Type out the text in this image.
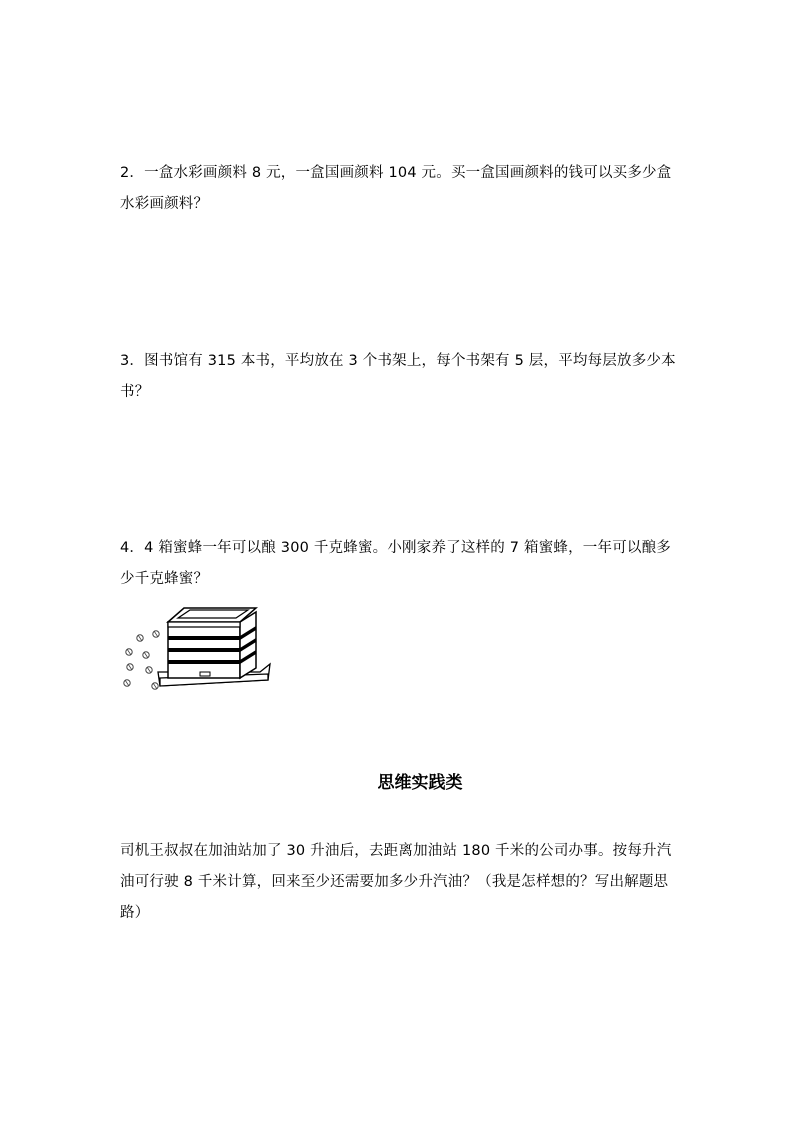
2．一盒水彩画颜料 8 元，一盒国画颜料 104 元。买一盒国画颜料的钱可以买多少盒水彩画颜料？

3．图书馆有 315 本书，平均放在 3 个书架上，每个书架有 5 层，平均每层放多少本书？

4．4 箱蜜蜂一年可以酿 300 千克蜂蜜。小刚家养了这样的 7 箱蜜蜂，一年可以酿多少千克蜂蜜？

思维实践类

司机王叔叔在加油站加了 30 升油后，去距离加油站 180 千米的公司办事。按每升汽油可行驶 8 千米计算，回来至少还需要加多少升汽油？（我是怎样想的？写出解题思路）
